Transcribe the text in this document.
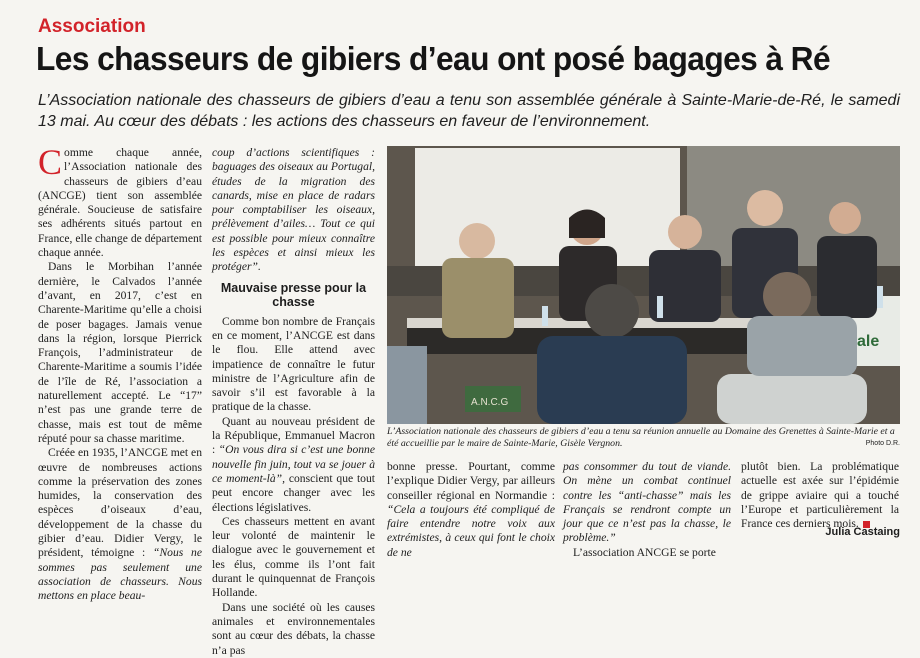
Association
Les chasseurs de gibiers d’eau ont posé bagages à Ré
L’Association nationale des chasseurs de gibiers d’eau a tenu son assemblée générale à Sainte-Marie-de-Ré, le samedi 13 mai. Au cœur des débats : les actions des chasseurs en faveur de l’environnement.

Comme chaque année, l’Association nationale des chasseurs de gibiers d’eau (ANCGE) tient son assemblée générale. Soucieuse de satisfaire ses adhérents situés partout en France, elle change de département chaque année.

Dans le Morbihan l’année dernière, le Calvados l’année d’avant, en 2017, c’est en Charente-Maritime qu’elle a choisi de poser bagages. Jamais venue dans la région, lorsque Pierrick François, l’administrateur de Charente-Maritime a soumis l’idée de l’île de Ré, l’association a naturellement accepté. Le “17” n’est pas une grande terre de chasse, mais est tout de même réputé pour sa chasse maritime.

Créée en 1935, l’ANCGE met en œuvre de nombreuses actions comme la préservation des zones humides, la conservation des espèces d’oiseaux d’eau, développement de la chasse du gibier d’eau. Didier Vergy, le président, témoigne : “Nous ne sommes pas seulement une association de chasseurs. Nous mettons en place beau-

coup d’actions scientifiques : baguages des oiseaux au Portugal, études de la migration des canards, mise en place de radars pour comptabiliser les oiseaux, prélèvement d’ailes… Tout ce qui est possible pour mieux connaître les espèces et ainsi mieux les protéger”.

Mauvaise presse pour la chasse

Comme bon nombre de Français en ce moment, l’ANCGE est dans le flou. Elle attend avec impatience de connaître le futur ministre de l’Agriculture afin de savoir s’il est favorable à la pratique de la chasse.

Quant au nouveau président de la République, Emmanuel Macron : “On vous dira si c’est une bonne nouvelle fin juin, tout va se jouer à ce moment-là”, conscient que tout peut encore changer avec les élections législatives.

Ces chasseurs mettent en avant leur volonté de maintenir le dialogue avec le gouvernement et les élus, comme ils l’ont fait durant le quinquennat de François Hollande.

Dans une société où les causes animales et environnementales sont au cœur des débats, la chasse n’a pas

ale
A.N.C.G
L’Association nationale des chasseurs de gibiers d’eau a tenu sa réunion annuelle au Domaine des Grenettes à Sainte-Marie et a été accueillie par le maire de Sainte-Marie, Gisèle Vergnon.	Photo D.R.

bonne presse. Pourtant, comme l’explique Didier Vergy, par ailleurs conseiller régional en Normandie : “Cela a toujours été compliqué de faire entendre notre voix aux extrémistes, à ceux qui font le choix de ne

pas consommer du tout de viande. On mène un combat continuel contre les “anti-chasse” mais les Français se rendront compte un jour que ce n’est pas la chasse, le problème.”

L’association ANCGE se porte

plutôt bien. La problématique actuelle est axée sur l’épidémie de grippe aviaire qui a touché l’Europe et particulièrement la France ces derniers mois.

Julia Castaing
